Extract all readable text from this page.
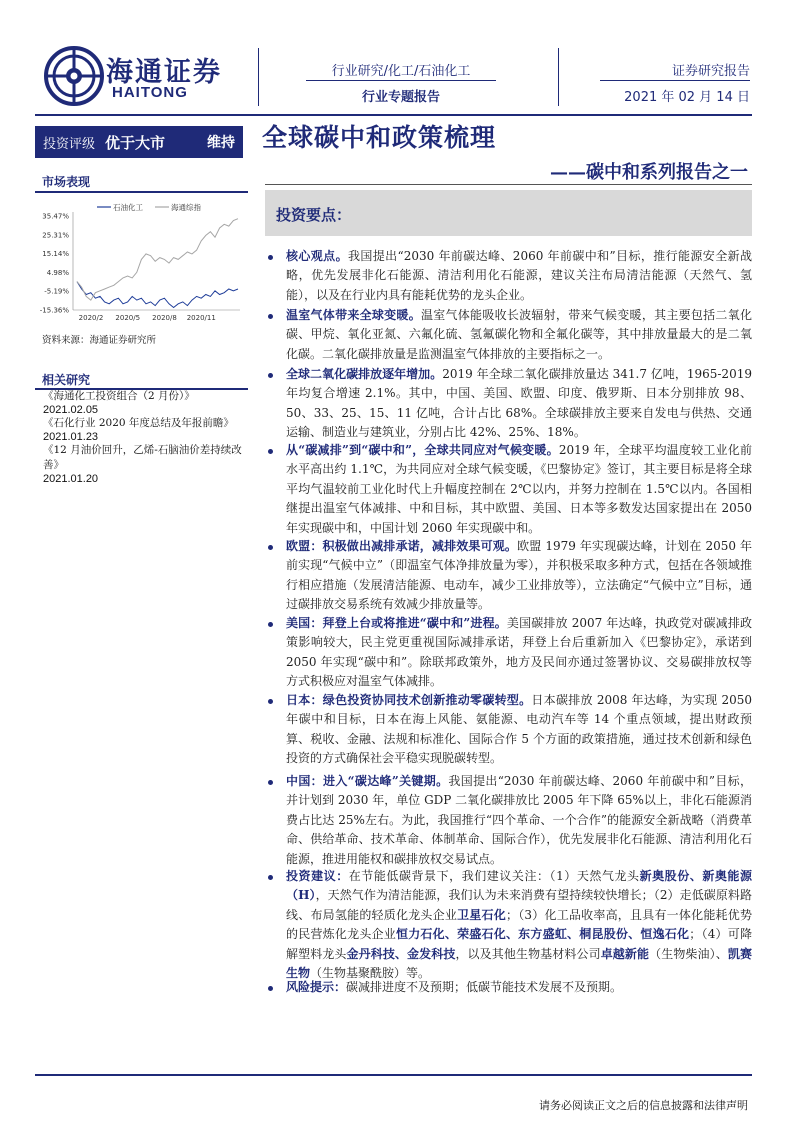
海通证券
HAITONG
行业研究/化工/石油化工
行业专题报告
证券研究报告
2021 年 02 月 14 日
投资评级 优于大市	维持 全球碳中和政策梳理
——碳中和系列报告之一
市场表现
石油化工	海通综指
35.47%
25.31%
15.14%
4.98%
-5.19%
-15.36%
2020/2 2020/5 2020/8 2020/11
资料来源：海通证券研究所
相关研究
《海通化工投资组合（2 月份）》
2021.02.05
《石化行业 2020 年度总结及年报前瞻》
2021.01.23
《12 月油价回升，乙烯-石脑油价差持续改善》
2021.01.20
投资要点：
核心观点。我国提出“2030 年前碳达峰、2060 年前碳中和”目标，推行能源安全新战略，优先发展非化石能源、清洁利用化石能源，建议关注布局清洁能源（天然气、氢能），以及在行业内具有能耗优势的龙头企业。
温室气体带来全球变暖。温室气体能吸收长波辐射，带来气候变暖，其主要包括二氧化碳、甲烷、氧化亚氮、六氟化硫、氢氟碳化物和全氟化碳等，其中排放量最大的是二氧化碳。二氧化碳排放量是监测温室气体排放的主要指标之一。
全球二氧化碳排放逐年增加。2019 年全球二氧化碳排放量达 341.7 亿吨，1965-2019 年均复合增速 2.1%。其中，中国、美国、欧盟、印度、俄罗斯、日本分别排放 98、50、33、25、15、11 亿吨，合计占比 68%。全球碳排放主要来自发电与供热、交通运输、制造业与建筑业，分别占比 42%、25%、18%。
从“碳减排”到“碳中和”，全球共同应对气候变暖。2019 年，全球平均温度较工业化前水平高出约 1.1℃，为共同应对全球气候变暖，《巴黎协定》签订，其主要目标是将全球平均气温较前工业化时代上升幅度控制在 2℃以内，并努力控制在 1.5℃以内。各国相继提出温室气体减排、中和目标，其中欧盟、美国、日本等多数发达国家提出在 2050 年实现碳中和，中国计划 2060 年实现碳中和。
欧盟：积极做出减排承诺，减排效果可观。欧盟 1979 年实现碳达峰，计划在 2050 年前实现“气候中立”（即温室气体净排放量为零），并积极采取多种方式，包括在各领域推行相应措施（发展清洁能源、电动车，减少工业排放等），立法确定“气候中立”目标，通过碳排放交易系统有效减少排放量等。
美国：拜登上台或将推进“碳中和”进程。美国碳排放 2007 年达峰，执政党对碳减排政策影响较大，民主党更重视国际减排承诺，拜登上台后重新加入《巴黎协定》，承诺到 2050 年实现“碳中和”。除联邦政策外，地方及民间亦通过签署协议、交易碳排放权等方式积极应对温室气体减排。
日本：绿色投资协同技术创新推动零碳转型。日本碳排放 2008 年达峰，为实现 2050 年碳中和目标，日本在海上风能、氨能源、电动汽车等 14 个重点领域，提出财政预算、税收、金融、法规和标准化、国际合作 5 个方面的政策措施，通过技术创新和绿色投资的方式确保社会平稳实现脱碳转型。
中国：进入“碳达峰”关键期。我国提出“2030 年前碳达峰、2060 年前碳中和”目标，并计划到 2030 年，单位 GDP 二氧化碳排放比 2005 年下降 65%以上，非化石能源消费占比达 25%左右。为此，我国推行“四个革命、一个合作”的能源安全新战略（消费革命、供给革命、技术革命、体制革命、国际合作），优先发展非化石能源、清洁利用化石能源，推进用能权和碳排放权交易试点。
投资建议：在节能低碳背景下，我们建议关注：（1）天然气龙头新奥股份、新奥能源（H），天然气作为清洁能源，我们认为未来消费有望持续较快增长；（2）走低碳原料路线、布局氢能的轻质化龙头企业卫星石化；（3）化工品收率高，且具有一体化能耗优势的民营炼化龙头企业恒力石化、荣盛石化、东方盛虹、桐昆股份、恒逸石化；（4）可降解塑料龙头金丹科技、金发科技，以及其他生物基材料公司卓越新能（生物柴油）、凯赛生物（生物基聚酰胺）等。
风险提示：碳减排进度不及预期；低碳节能技术发展不及预期。
请务必阅读正文之后的信息披露和法律声明
